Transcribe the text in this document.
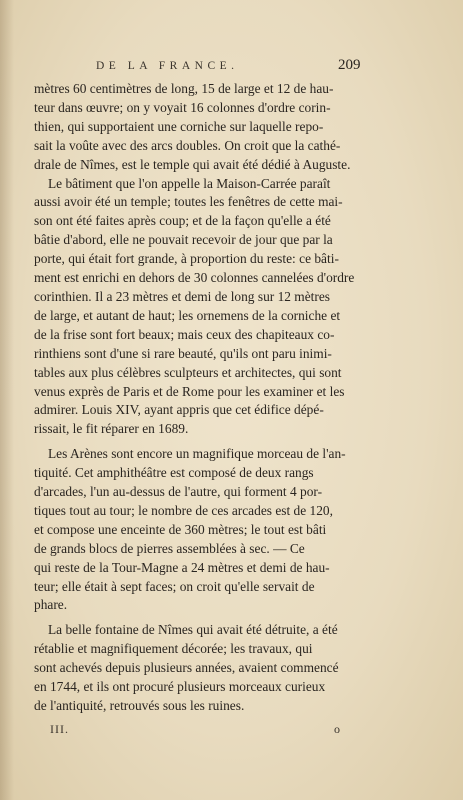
DE LA FRANCE.	209

mètres 60 centimètres de long, 15 de large et 12 de hau-
teur dans œuvre; on y voyait 16 colonnes d'ordre corin-
thien, qui supportaient une corniche sur laquelle repo-
sait la voûte avec des arcs doubles. On croit que la cathé-
drale de Nîmes, est le temple qui avait été dédié à Auguste.

Le bâtiment que l'on appelle la Maison-Carrée paraît
aussi avoir été un temple; toutes les fenêtres de cette mai-
son ont été faites après coup; et de la façon qu'elle a été
bâtie d'abord, elle ne pouvait recevoir de jour que par la
porte, qui était fort grande, à proportion du reste: ce bâti-
ment est enrichi en dehors de 30 colonnes cannelées d'ordre
corinthien. Il a 23 mètres et demi de long sur 12 mètres
de large, et autant de haut; les ornemens de la corniche et
de la frise sont fort beaux; mais ceux des chapiteaux co-
rinthiens sont d'une si rare beauté, qu'ils ont paru inimi-
tables aux plus célèbres sculpteurs et architectes, qui sont
venus exprès de Paris et de Rome pour les examiner et les
admirer. Louis XIV, ayant appris que cet édifice dépé-
rissait, le fit réparer en 1689.

Les Arènes sont encore un magnifique morceau de l'an-
tiquité. Cet amphithéâtre est composé de deux rangs
d'arcades, l'un au-dessus de l'autre, qui forment 4 por-
tiques tout au tour; le nombre de ces arcades est de 120,
et compose une enceinte de 360 mètres; le tout est bâti
de grands blocs de pierres assemblées à sec. — Ce
qui reste de la Tour-Magne a 24 mètres et demi de hau-
teur; elle était à sept faces; on croit qu'elle servait de
phare.

La belle fontaine de Nîmes qui avait été détruite, a été
rétablie et magnifiquement décorée; les travaux, qui
sont achevés depuis plusieurs années, avaient commencé
en 1744, et ils ont procuré plusieurs morceaux curieux
de l'antiquité, retrouvés sous les ruines.

III.	o
